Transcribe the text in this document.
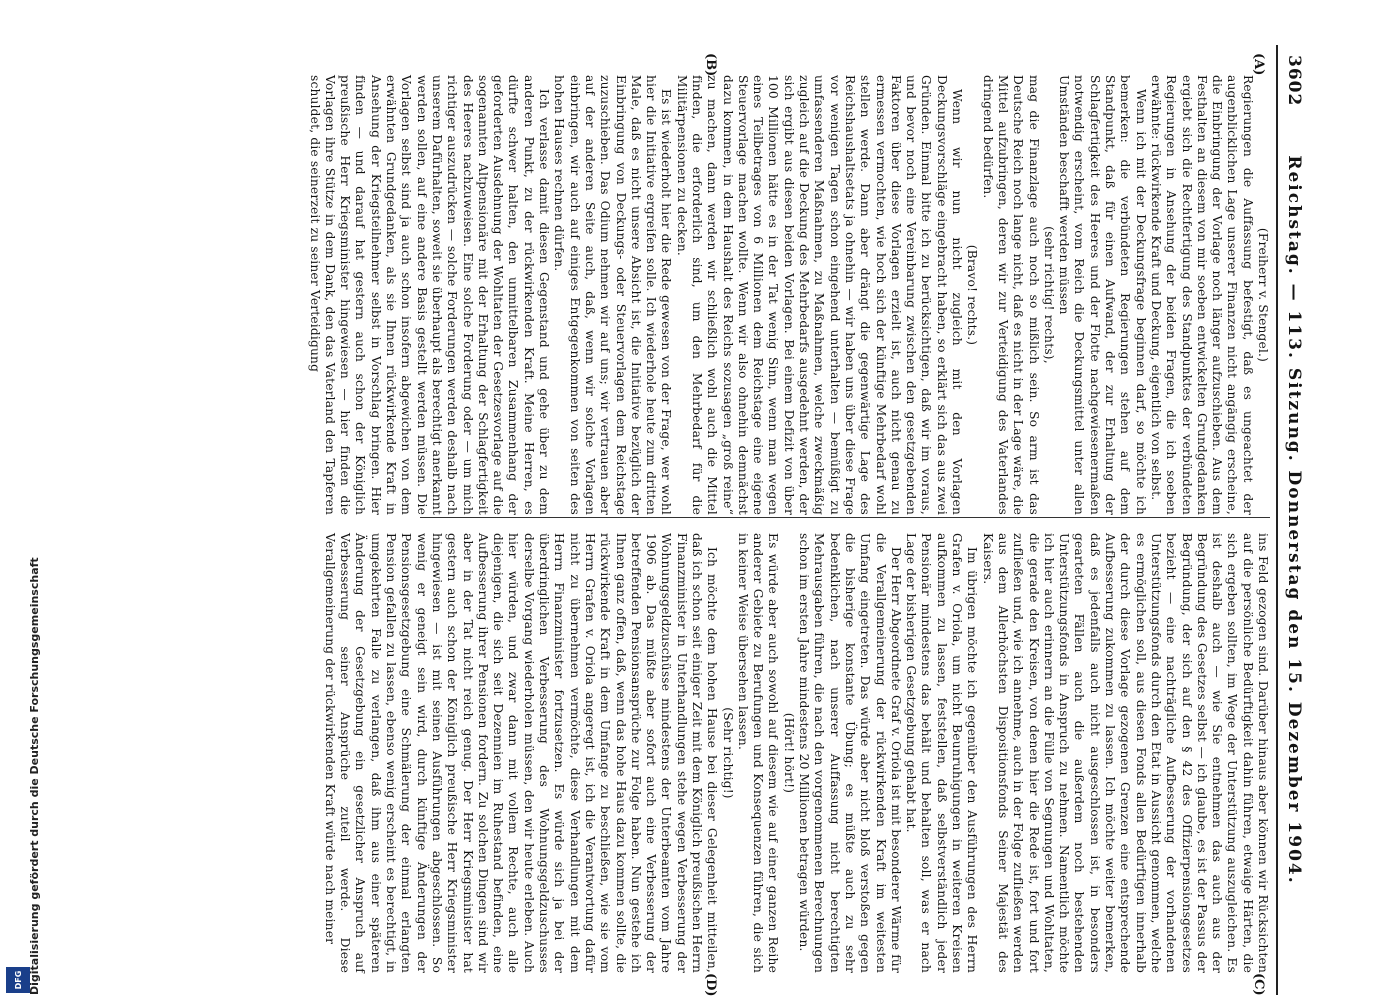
3602
Reichstag. — 113. Sitzung. Donnerstag den 15. Dezember 1904.
(A)
(B)
(C)
(D)

(Freiherr v. Stengel.)

Regierungen die Auffassung befestigt, daß es ungeachtet der augenblicklichen Lage unserer Finanzen nicht angängig erscheine, die Einbringung der Vorlage noch länger aufzuschieben. Aus dem Festhalten an diesem von mir soeben entwickelten Grundgedanken ergiebt sich die Rechtfertigung des Standpunktes der verbündeten Regierungen in Ansehung der beiden Fragen, die ich soeben erwähnte: rückwirkende Kraft und Deckung, eigentlich von selbst.

Wenn ich mit der Deckungsfrage beginnen darf, so möchte ich bemerken: die verbündeten Regierungen stehen auf dem Standpunkt, daß für einen Aufwand, der zur Erhaltung der Schlagfertigkeit des Heeres und der Flotte nachgewiesenermaßen notwendig erscheint, vom Reich die Deckungsmittel unter allen Umständen beschafft werden müssen

(sehr richtig! rechts),

mag die Finanzlage auch noch so mißlich sein. So arm ist das Deutsche Reich noch lange nicht, daß es nicht in der Lage wäre, die Mittel aufzubringen, deren wir zur Verteidigung des Vaterlandes dringend bedürfen.

(Bravo! rechts.)

Wenn wir nun nicht zugleich mit den Vorlagen Deckungsvorschläge eingebracht haben, so erklärt sich das aus zwei Gründen. Einmal bitte ich zu berücksichtigen, daß wir im voraus, und bevor noch eine Vereinbarung zwischen den gesetzgebenden Faktoren über diese Vorlagen erzielt ist, auch nicht genau zu ermessen vermochten, wie hoch sich der künftige Mehrbedarf wohl stellen werde. Dann aber drängt die gegenwärtige Lage des Reichshaushaltsetats ja ohnehin — wir haben uns über diese Frage vor wenigen Tagen schon eingehend unterhalten — bemüßigt zu umfassenderen Maßnahmen, zu Maßnahmen, welche zweckmäßig zugleich auf die Deckung des Mehrbedarfs ausgedehnt werden, der sich ergibt aus diesen beiden Vorlagen. Bei einem Defizit von über 100 Millionen hätte es in der Tat wenig Sinn, wenn man wegen eines Teilbetrages von 6 Millionen dem Reichstage eine eigene Steuervorlage machen wollte. Wenn wir also ohnehin demnächst dazu kommen, in dem Haushalt des Reichs sozusagen „groß reine“ zu machen, dann werden wir schließlich wohl auch die Mittel finden, die erforderlich sind, um den Mehrbedarf für die Militärpensionen zu decken.

Es ist wiederholt hier die Rede gewesen von der Frage, wer wohl hier die Initiative ergreifen solle. Ich wiederhole heute zum dritten Male, daß es nicht unsere Absicht ist, die Initiative bezüglich der Einbringung von Deckungs- oder Steuervorlagen dem Reichstage zuzuschieben. Das Odium nehmen wir auf uns; wir vertrauen aber auf der anderen Seite auch, daß, wenn wir solche Vorlagen einbringen, wir auch auf einiges Entgegenkommen von seiten des hohen Hauses rechnen dürfen.

Ich verlasse damit diesen Gegenstand und gehe über zu dem anderen Punkt, zu der rückwirkenden Kraft. Meine Herren, es dürfte schwer halten, den unmittelbaren Zusammenhang der geforderten Ausdehnung der Wohltaten der Gesetzesvorlage auf die sogenannten Altpensionäre mit der Erhaltung der Schlagfertigkeit des Heeres nachzuweisen. Eine solche Forderung oder — um mich richtiger auszudrücken — solche Forderungen werden deshalb nach unserem Dafürhalten, soweit sie überhaupt als berechtigt anerkannt werden sollen, auf eine andere Basis gestellt werden müssen. Die Vorlagen selbst sind ja auch schon insofern abgewichen von dem erwähnten Grundgedanken, als sie Ihnen rückwirkende Kraft in Ansehung der Kriegsteilnehmer selbst in Vorschlag bringen. Hier finden — und darauf hat gestern auch schon der Königlich preußische Herr Kriegsminister hingewiesen — hier finden die Vorlagen ihre Stütze in dem Dank, den das Vaterland den Tapferen schuldet, die seinerzeit zu seiner Verteidigung

ins Feld gezogen sind. Darüber hinaus aber können wir Rücksichten auf die persönliche Bedürftigkeit dahin führen, etwaige Härten, die sich ergeben sollten, im Wege der Unterstützung auszugleichen. Es ist deshalb auch — wie Sie entnehmen das auch aus der Begründung des Gesetzes selbst — ich glaube, es ist der Passus der Begründung, der sich auf den § 42 des Offizierpensionsgesetzes bezieht — eine nachträgliche Aufbesserung der vorhandenen Unterstützungsfonds durch den Etat in Aussicht genommen, welche es ermöglichen soll, aus diesen Fonds allen Bedürftigen innerhalb der durch diese Vorlage gezogenen Grenzen eine entsprechende Aufbesserung zukommen zu lassen. Ich möchte weiter bemerken, daß es jedenfalls auch nicht ausgeschlossen ist, in besonders gearteten Fällen auch die außerdem noch bestehenden Unterstützungsfonds in Anspruch zu nehmen. Namentlich möchte ich hier auch erinnern an die Fülle von Segnungen und Wohltaten, die gerade den Kreisen, von denen hier die Rede ist, fort und fort zufließen und, wie ich annehme, auch in der Folge zufließen werden aus dem Allerhöchsten Dispositionsfonds Seiner Majestät des Kaisers.

Im übrigen möchte ich gegenüber den Ausführungen des Herrn Grafen v. Oriola, um nicht Beunruhigungen in weiteren Kreisen aufkommen zu lassen, feststellen, daß selbstverständlich jeder Pensionär mindestens das behält und behalten soll, was er nach Lage der bisherigen Gesetzgebung gehabt hat.

Der Herr Abgeordnete Graf v. Oriola ist mit besonderer Wärme für die Verallgemeinerung der rückwirkenden Kraft im weitesten Umfang eingetreten. Das würde aber nicht bloß verstoßen gegen die bisherige konstante Übung; es müßte auch zu sehr bedenklichen, nach unserer Auffassung nicht berechtigten Mehrausgaben führen, die nach den vorgenommenen Berechnungen schon im ersten Jahre mindestens 20 Millionen betragen würden.

(Hört! hört!)

Es würde aber auch sowohl auf diesem wie auf einer ganzen Reihe anderer Gebiete zu Berufungen und Konsequenzen führen, die sich in keiner Weise übersehen lassen.

(Sehr richtig!)

Ich möchte dem hohen Hause bei dieser Gelegenheit mitteilen, daß ich schon seit einiger Zeit mit dem Königlich preußischen Herrn Finanzminister in Unterhandlungen stehe wegen Verbesserung der Wohnungsgeldzuschüsse mindestens der Unterbeamten vom Jahre 1906 ab. Das müßte aber sofort auch eine Verbesserung der betreffenden Pensionsansprüche zur Folge haben. Nun gestehe ich Ihnen ganz offen, daß, wenn das hohe Haus dazu kommen sollte, die rückwirkende Kraft in dem Umfange zu beschließen, wie sie vom Herrn Grafen v. Oriola angeregt ist, ich die Verantwortung dafür nicht zu übernehmen vermöchte, diese Verhandlungen mit dem Herrn Finanzminister fortzusetzen. Es würde sich ja bei der überdringlichen Verbesserung des Wohnungsgeldzuschusses derselbe Vorgang wiederholen müssen, den wir heute erleben. Auch hier würden, und zwar dann mit vollem Rechte, auch alle diejenigen, die sich seit Dezennien im Ruhestand befinden, eine Aufbesserung ihrer Pensionen fordern. Zu solchen Dingen sind wir aber in der Tat nicht reich genug. Der Herr Kriegsminister hat gestern auch schon der Königlich preußische Herr Kriegsminister hingewiesen — ist mit seinen Ausführungen abgeschlossen. So wenig er geneigt sein wird, durch künftige Änderungen der Pensionsgesetzgebung eine Schmälerung der einmal erlangten Pension gefallen zu lassen, ebenso wenig erscheint es berechtigt, in umgekehrten Falle zu verlangen, daß ihm aus einer späteren Änderung der Gesetzgebung ein gesetzlicher Anspruch auf Verbesserung seiner Ansprüche zuteil werde. Diese Verallgemeinerung der rückwirkenden Kraft würde nach meiner

DFG Digitalisierung gefördert durch die Deutsche Forschungsgemeinschaft
